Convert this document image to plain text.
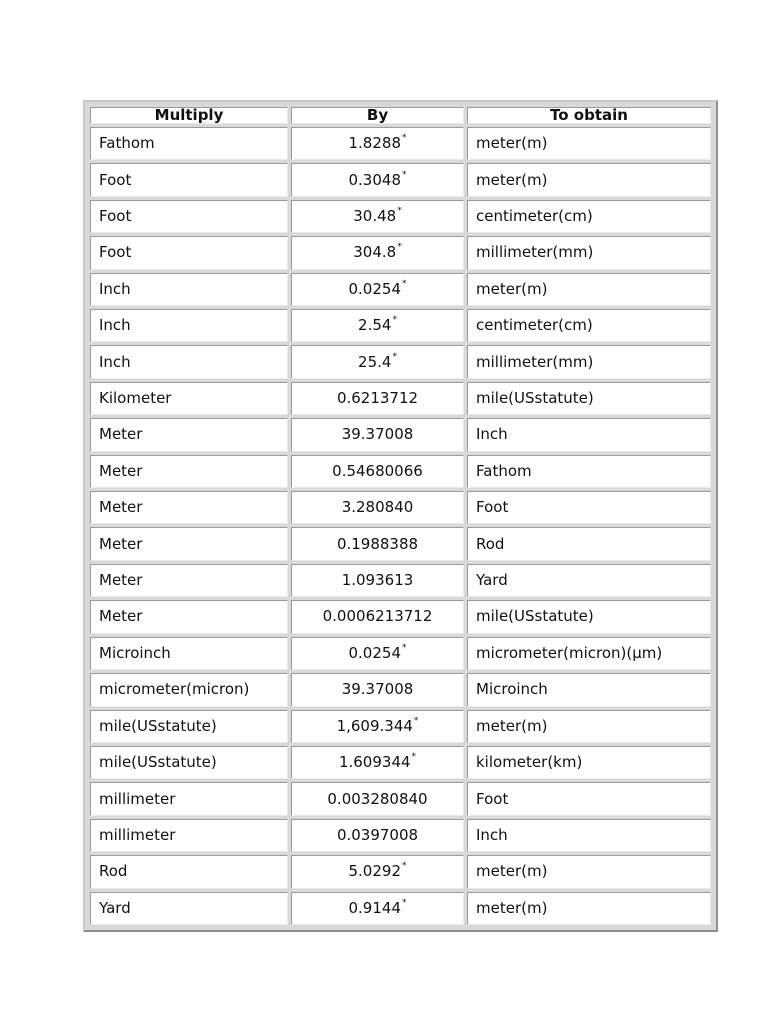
Multiply	By	To obtain
Fathom	1.8288*	meter(m)
Foot	0.3048*	meter(m)
Foot	30.48*	centimeter(cm)
Foot	304.8*	millimeter(mm)
Inch	0.0254*	meter(m)
Inch	2.54*	centimeter(cm)
Inch	25.4*	millimeter(mm)
Kilometer	0.6213712	mile(USstatute)
Meter	39.37008	Inch
Meter	0.54680066	Fathom
Meter	3.280840	Foot
Meter	0.1988388	Rod
Meter	1.093613	Yard
Meter	0.0006213712	mile(USstatute)
Microinch	0.0254*	micrometer(micron)(µm)
micrometer(micron)	39.37008	Microinch
mile(USstatute)	1,609.344*	meter(m)
mile(USstatute)	1.609344*	kilometer(km)
millimeter	0.003280840	Foot
millimeter	0.0397008	Inch
Rod	5.0292*	meter(m)
Yard	0.9144*	meter(m)
